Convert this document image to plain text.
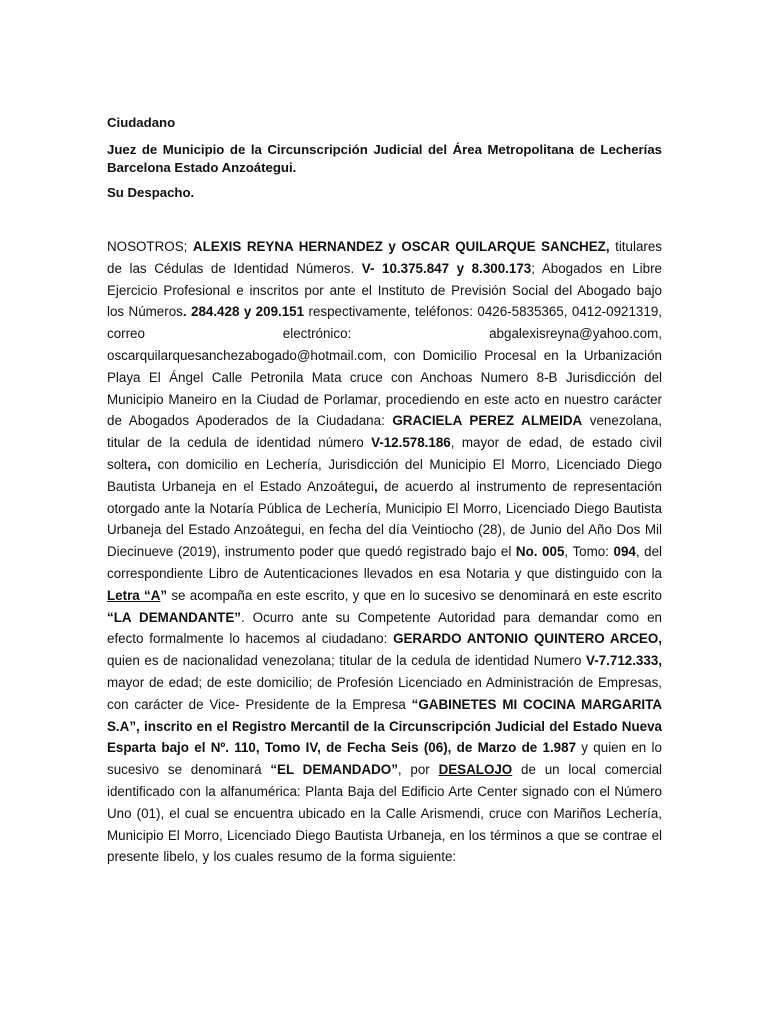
Ciudadano

Juez de Municipio de la Circunscripción Judicial del Área Metropolitana de Lecherías Barcelona Estado Anzoátegui.

Su Despacho.

NOSOTROS; ALEXIS REYNA HERNANDEZ y OSCAR QUILARQUE SANCHEZ, titulares de las Cédulas de Identidad Números. V- 10.375.847 y 8.300.173; Abogados en Libre Ejercicio Profesional e inscritos por ante el Instituto de Previsión Social del Abogado bajo los Números. 284.428 y 209.151 respectivamente, teléfonos: 0426-5835365, 0412-0921319, correo electrónico: abgalexisreyna@yahoo.com, oscarquilarquesanchezabogado@hotmail.com, con Domicilio Procesal en la Urbanización Playa El Ángel Calle Petronila Mata cruce con Anchoas Numero 8-B Jurisdicción del Municipio Maneiro en la Ciudad de Porlamar, procediendo en este acto en nuestro carácter de Abogados Apoderados de la Ciudadana: GRACIELA PEREZ ALMEIDA venezolana, titular de la cedula de identidad número V-12.578.186, mayor de edad, de estado civil soltera, con domicilio en Lechería, Jurisdicción del Municipio El Morro, Licenciado Diego Bautista Urbaneja en el Estado Anzoátegui, de acuerdo al instrumento de representación otorgado ante la Notaría Pública de Lechería, Municipio El Morro, Licenciado Diego Bautista Urbaneja del Estado Anzoátegui, en fecha del día Veintiocho (28), de Junio del Año Dos Mil Diecinueve (2019), instrumento poder que quedó registrado bajo el No. 005, Tomo: 094, del correspondiente Libro de Autenticaciones llevados en esa Notaria y que distinguido con la Letra “A” se acompaña en este escrito, y que en lo sucesivo se denominará en este escrito “LA DEMANDANTE”. Ocurro ante su Competente Autoridad para demandar como en efecto formalmente lo hacemos al ciudadano: GERARDO ANTONIO QUINTERO ARCEO, quien es de nacionalidad venezolana; titular de la cedula de identidad Numero V-7.712.333, mayor de edad; de este domicilio; de Profesión Licenciado en Administración de Empresas, con carácter de Vice- Presidente de la Empresa “GABINETES MI COCINA MARGARITA S.A”, inscrito en el Registro Mercantil de la Circunscripción Judicial del Estado Nueva Esparta bajo el Nº. 110, Tomo IV, de Fecha Seis (06), de Marzo de 1.987 y quien en lo sucesivo se denominará “EL DEMANDADO”, por DESALOJO de un local comercial identificado con la alfanumérica: Planta Baja del Edificio Arte Center signado con el Número Uno (01), el cual se encuentra ubicado en la Calle Arismendi, cruce con Mariños Lechería, Municipio El Morro, Licenciado Diego Bautista Urbaneja, en los términos a que se contrae el presente libelo, y los cuales resumo de la forma siguiente:
